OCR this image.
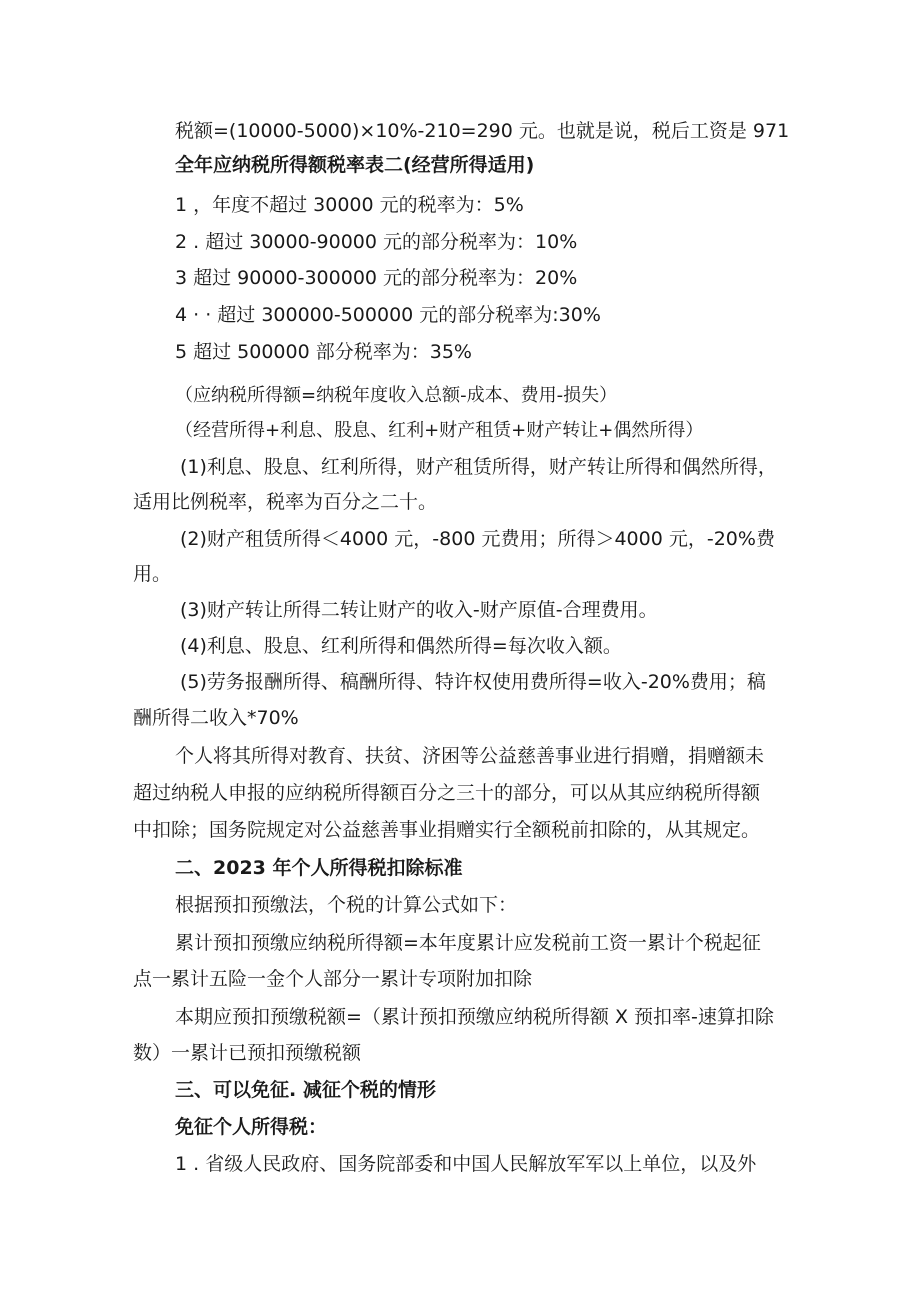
税额=(10000-5000)×10%-210=290 元。也就是说，税后工资是 971

全年应纳税所得额税率表二(经营所得适用)

1 ，年度不超过 30000 元的税率为：5%

2 . 超过 30000-90000 元的部分税率为：10%

3 超过 90000-300000 元的部分税率为：20%

4 · · 超过 300000-500000 元的部分税率为:30%

5 超过 500000 部分税率为：35%

（应纳税所得额=纳税年度收入总额-成本、费用-损失）

（经营所得+利息、股息、红利+财产租赁+财产转让+偶然所得）

(1)利息、股息、红利所得，财产租赁所得，财产转让所得和偶然所得，

适用比例税率，税率为百分之二十。

(2)财产租赁所得＜4000 元，-800 元费用；所得＞4000 元，-20%费

用。

(3)财产转让所得二转让财产的收入-财产原值-合理费用。

(4)利息、股息、红利所得和偶然所得=每次收入额。

(5)劳务报酬所得、稿酬所得、特许权使用费所得=收入-20%费用；稿

酬所得二收入*70%

个人将其所得对教育、扶贫、济困等公益慈善事业进行捐赠，捐赠额未

超过纳税人申报的应纳税所得额百分之三十的部分，可以从其应纳税所得额

中扣除；国务院规定对公益慈善事业捐赠实行全额税前扣除的，从其规定。

二、2023 年个人所得税扣除标准

根据预扣预缴法，个税的计算公式如下：

累计预扣预缴应纳税所得额=本年度累计应发税前工资一累计个税起征

点一累计五险一金个人部分一累计专项附加扣除

本期应预扣预缴税额=（累计预扣预缴应纳税所得额 X 预扣率-速算扣除

数）一累计已预扣预缴税额

三、可以免征. 减征个税的情形

免征个人所得税：

1 . 省级人民政府、国务院部委和中国人民解放军军以上单位，以及外
